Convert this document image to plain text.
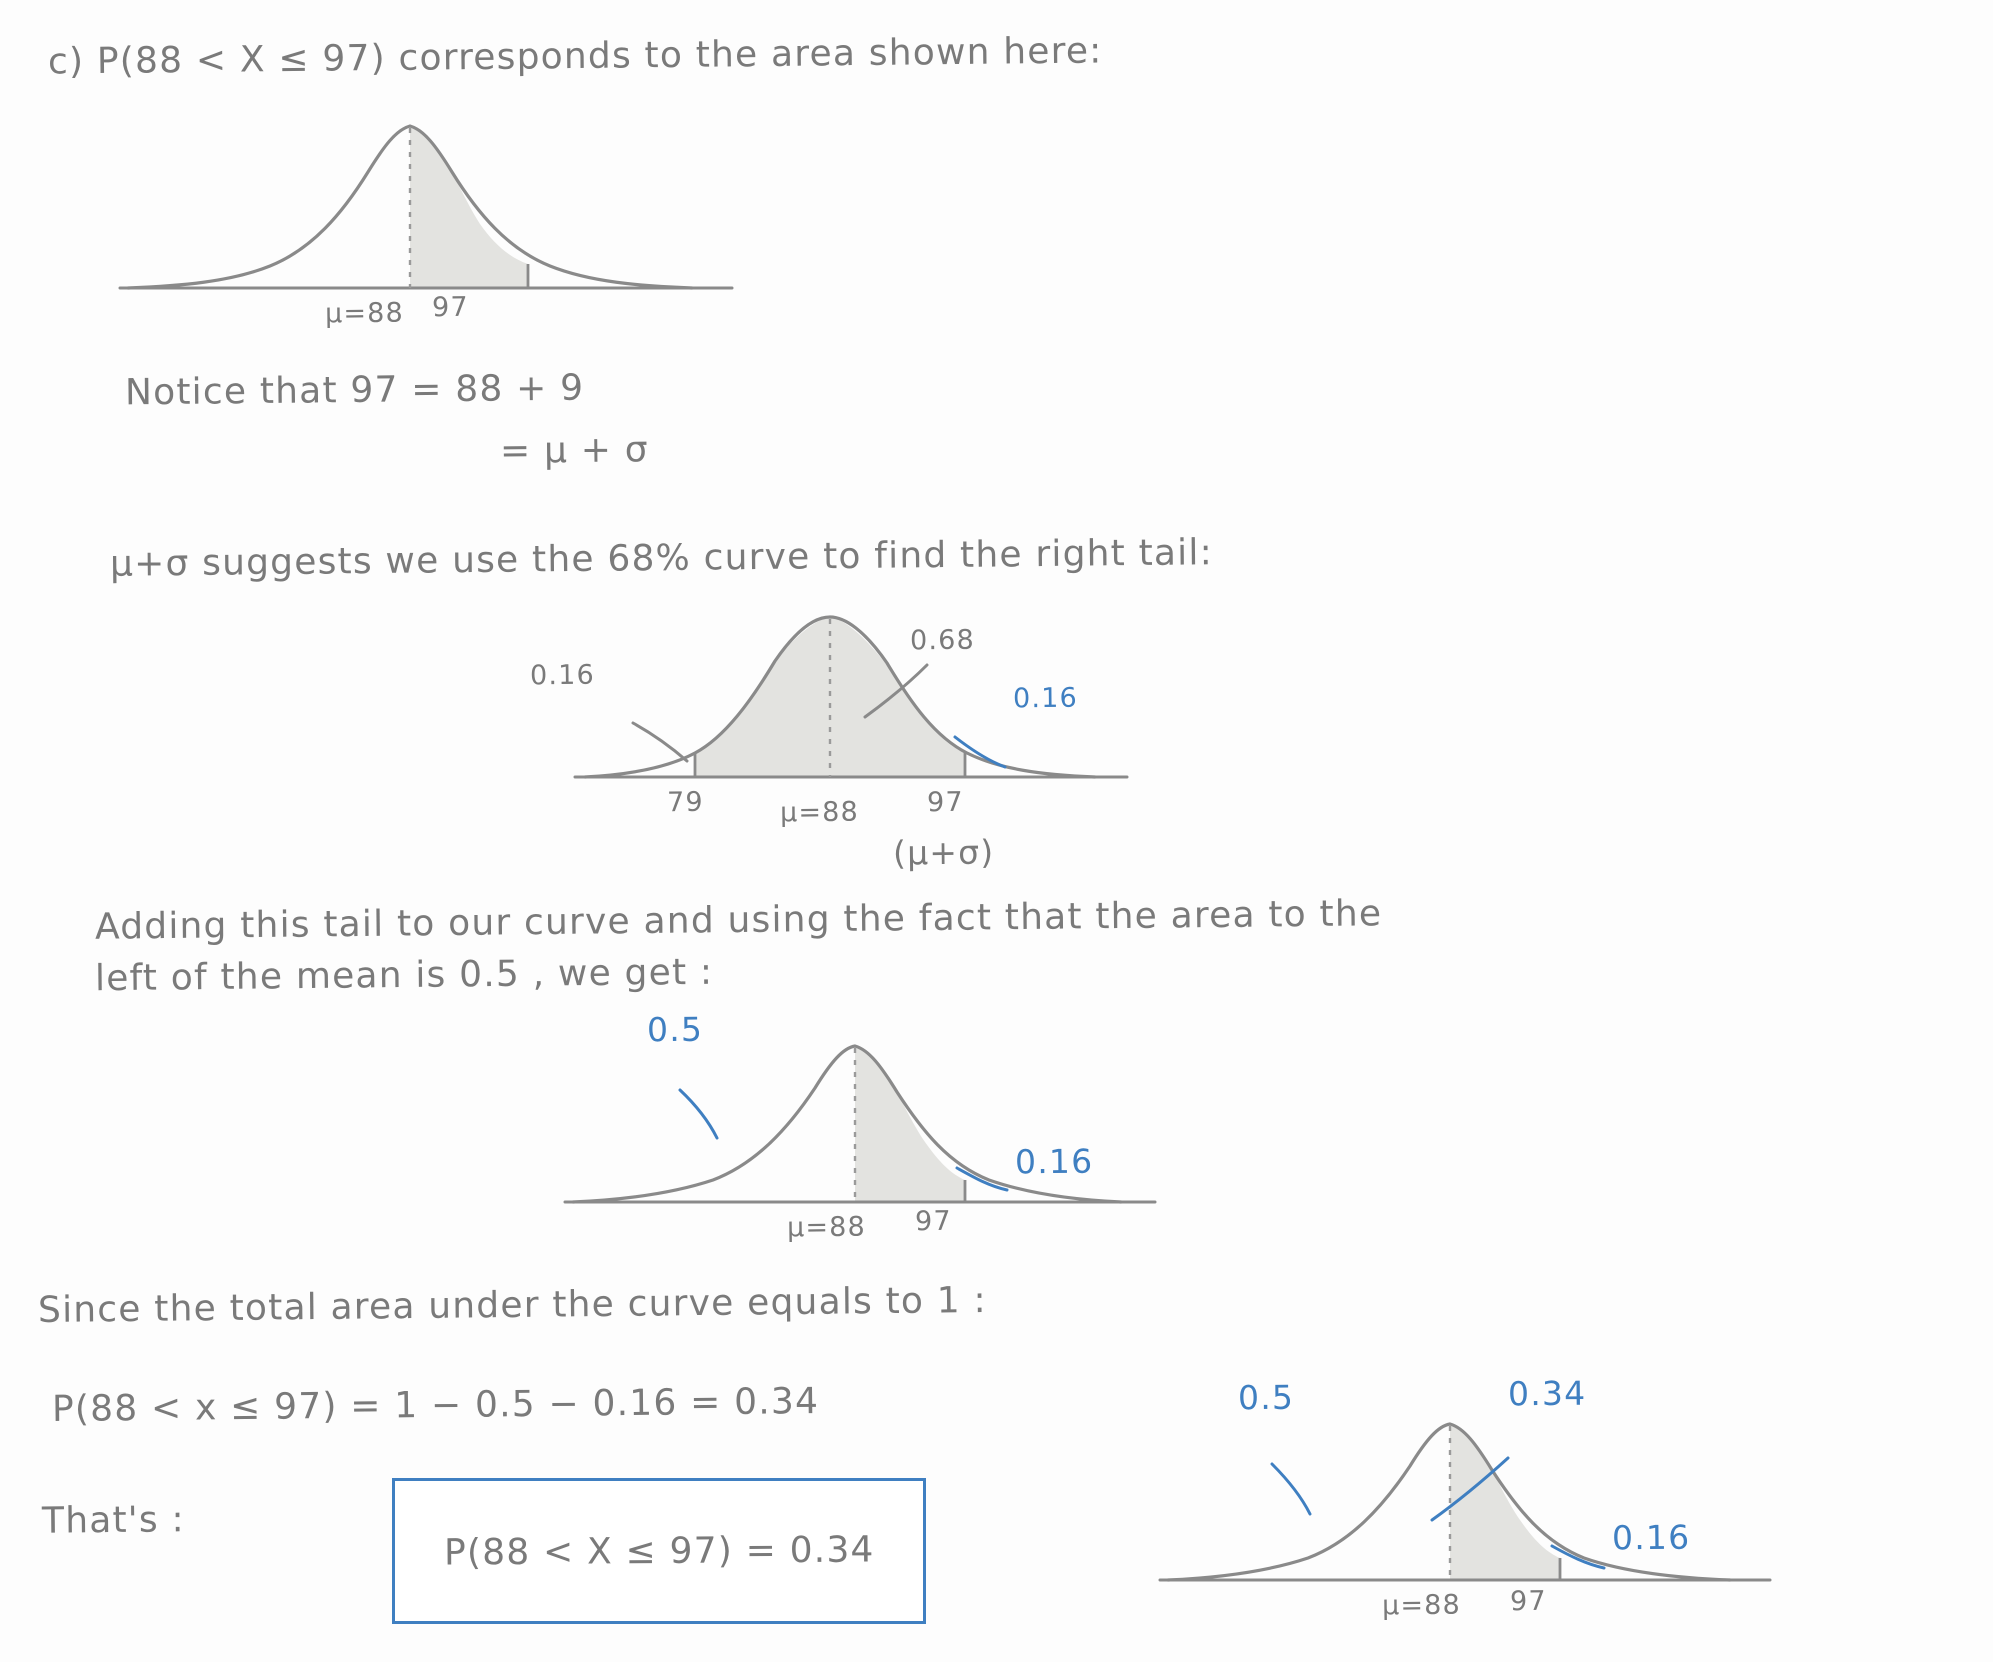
c) P(88 < X ≤ 97) corresponds to the area shown here:
μ=88 97
Notice that 97 = 88 + 9
= μ + σ
μ+σ suggests we use the 68% curve to find the right tail:
0.16
0.68
0.16
79	μ=88	97
(μ+σ)
Adding this tail to our curve and using the fact that the area to the
left of the mean is 0.5 , we get :
0.5
0.16
μ=88 97
Since the total area under the curve equals to 1 :
P(88 < x ≤ 97) = 1 − 0.5 − 0.16 = 0.34
That's :
P(88 < X ≤ 97) = 0.34
0.5	0.34
0.16
μ=88 97
